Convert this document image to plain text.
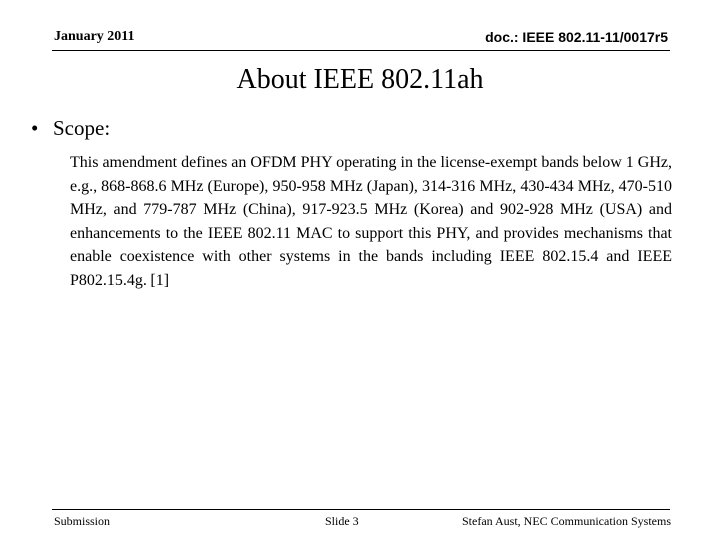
January 2011	doc.: IEEE 802.11-11/0017r5
About IEEE 802.11ah
• Scope:
This amendment defines an OFDM PHY operating in the license-exempt bands below 1 GHz, e.g., 868-868.6 MHz (Europe), 950-958 MHz (Japan), 314-316 MHz, 430-434 MHz, 470-510 MHz, and 779-787 MHz (China), 917-923.5 MHz (Korea) and 902-928 MHz (USA) and enhancements to the IEEE 802.11 MAC to support this PHY, and provides mechanisms that enable coexistence with other systems in the bands including IEEE 802.15.4 and IEEE P802.15.4g. [1]
Submission	Slide 3	Stefan Aust, NEC Communication Systems
